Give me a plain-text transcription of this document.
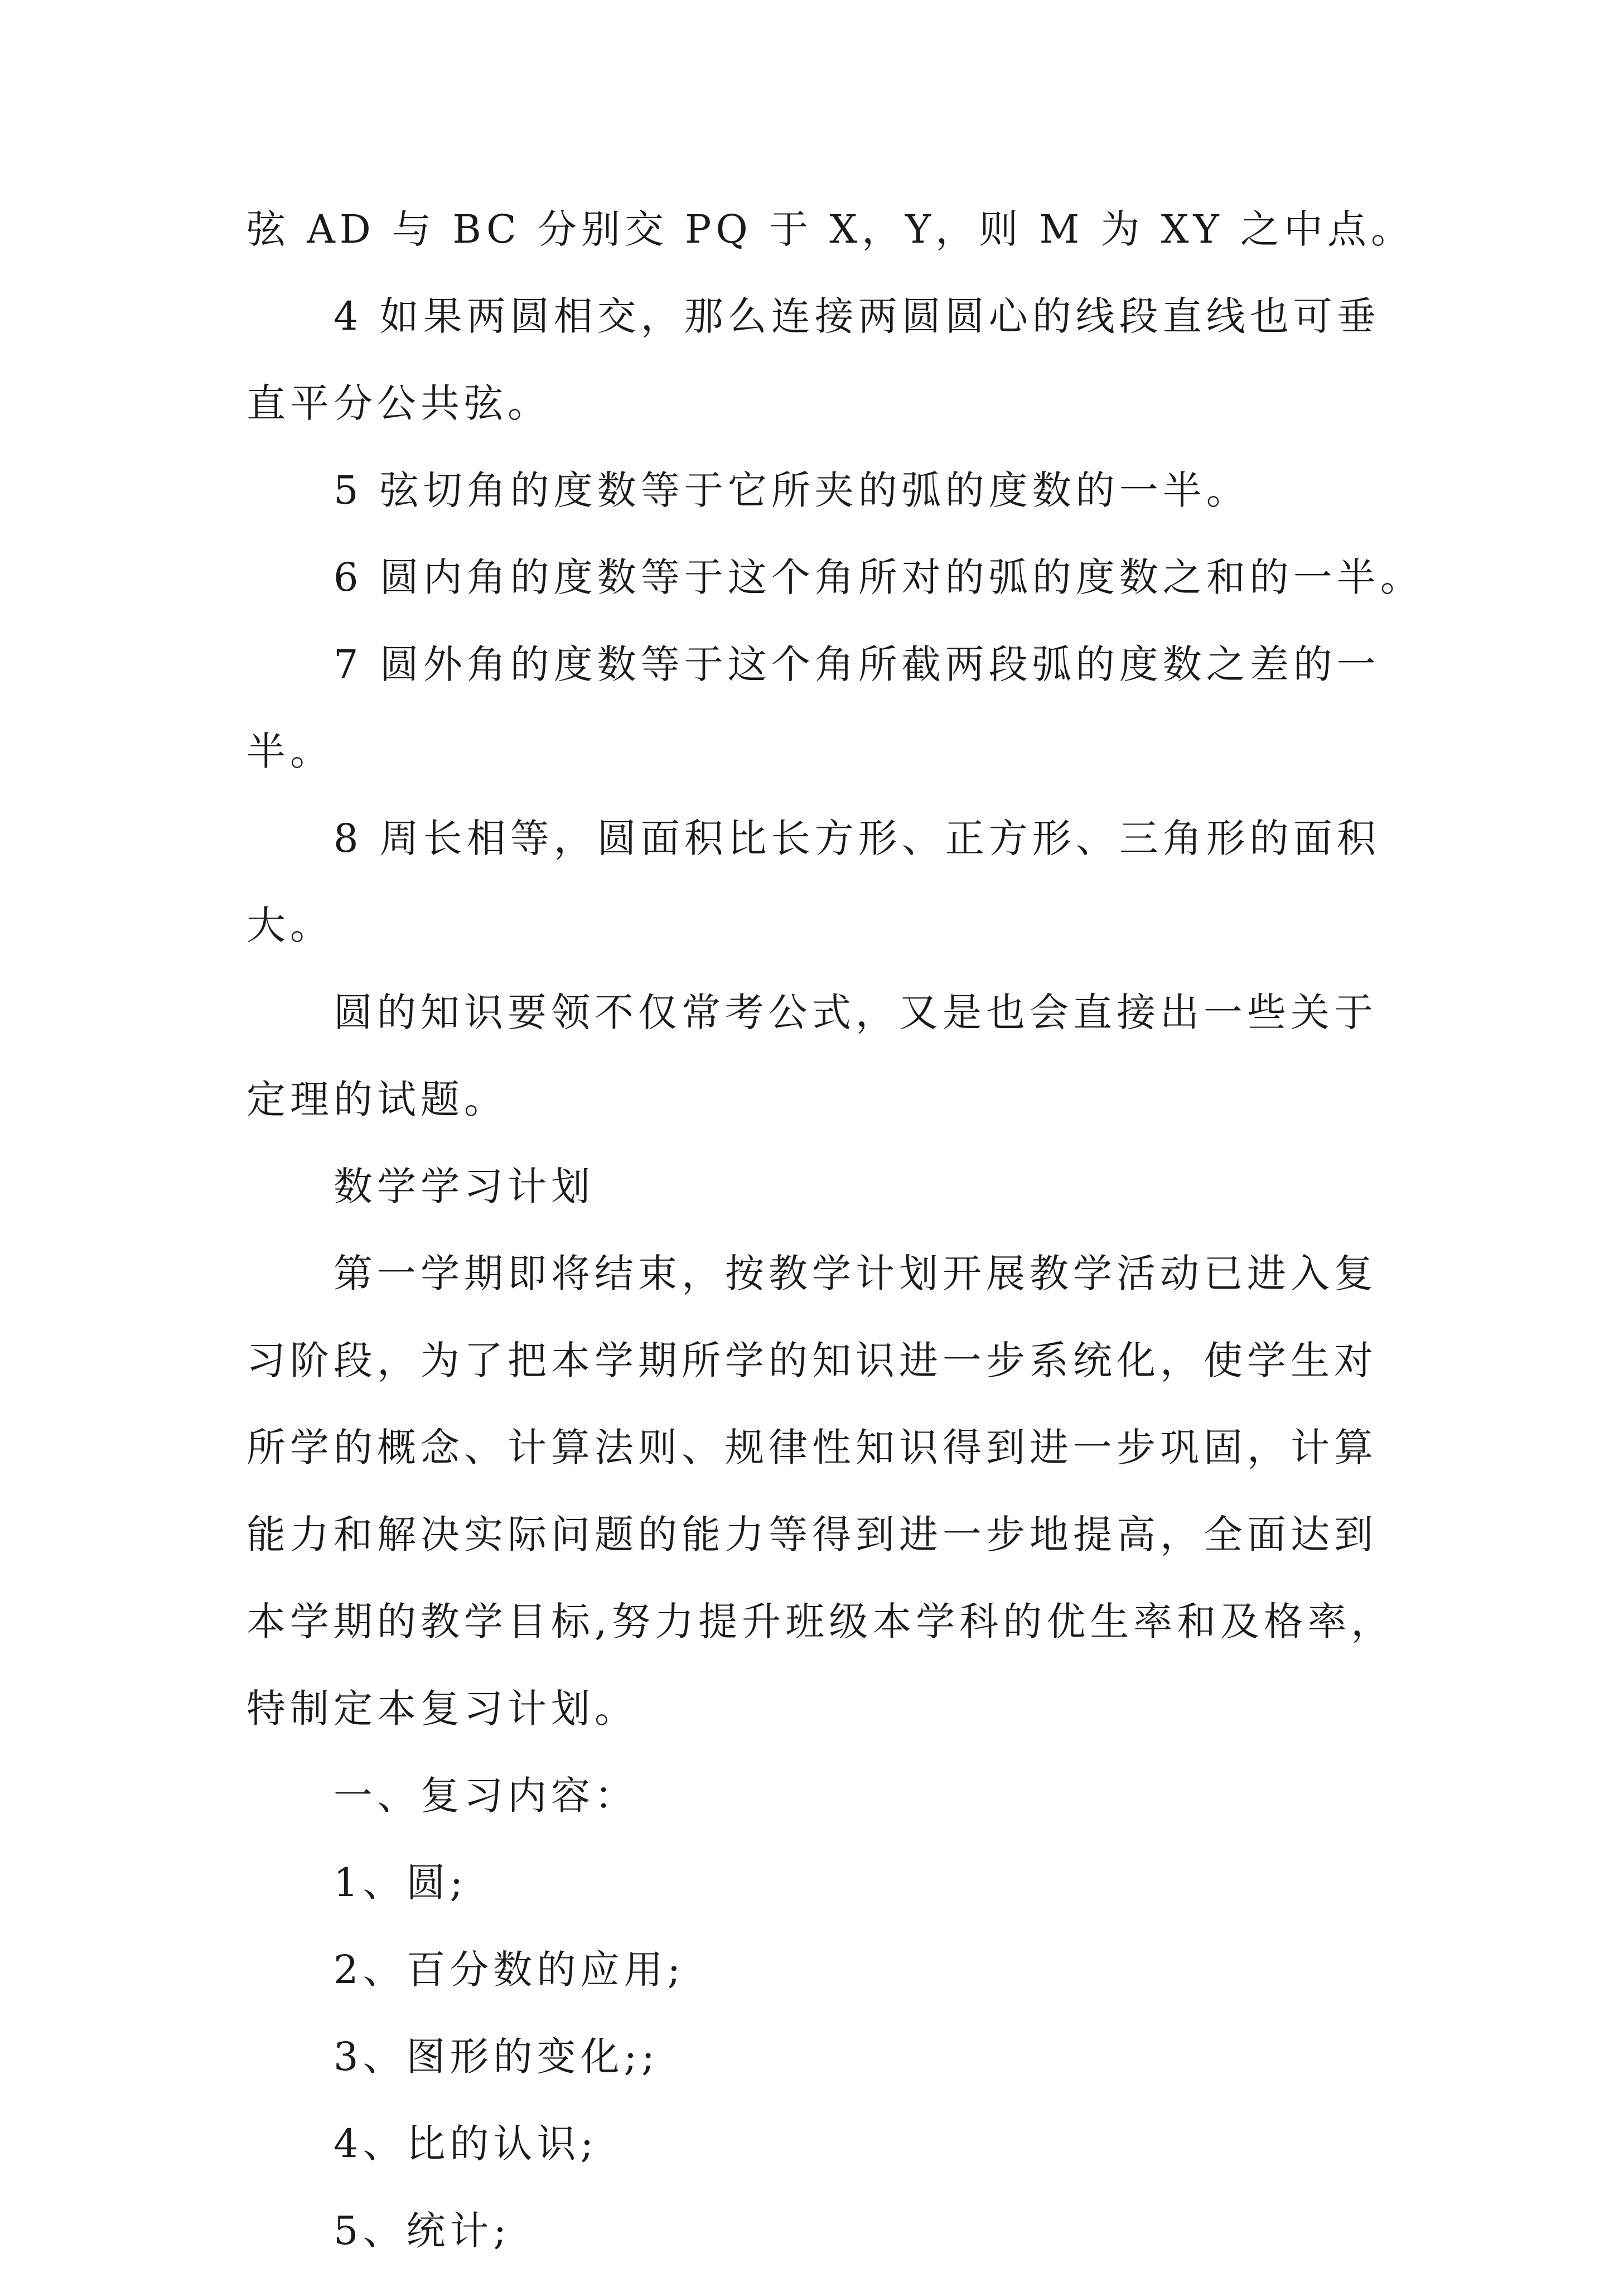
弦 AD 与 BC 分别交 PQ 于 X，Y，则 M 为 XY 之中点。
4 如果两圆相交，那么连接两圆圆心的线段直线也可垂
直平分公共弦。
5 弦切角的度数等于它所夹的弧的度数的一半。
6 圆内角的度数等于这个角所对的弧的度数之和的一半。
7 圆外角的度数等于这个角所截两段弧的度数之差的一
半。
8 周长相等，圆面积比长方形、正方形、三角形的面积
大。
圆的知识要领不仅常考公式，又是也会直接出一些关于
定理的试题。
数学学习计划
第一学期即将结束，按教学计划开展教学活动已进入复
习阶段，为了把本学期所学的知识进一步系统化，使学生对
所学的概念、计算法则、规律性知识得到进一步巩固，计算
能力和解决实际问题的能力等得到进一步地提高，全面达到
本学期的教学目标,努力提升班级本学科的优生率和及格率，
特制定本复习计划。
一、复习内容：
1、圆;
2、百分数的应用;
3、图形的变化;;
4、比的认识;
5、统计;
